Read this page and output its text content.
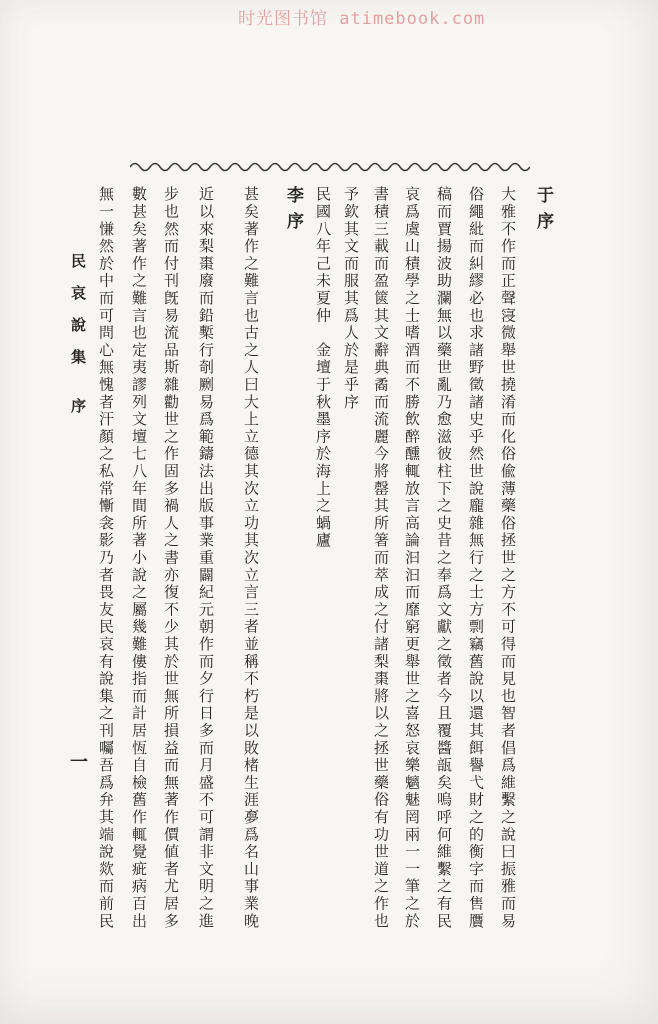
时光图书馆 atimebook.com
于序
大雅不作而正聲寖微舉世撓淆而化俗偸薄藥俗拯世之方不可得而見也智者倡爲維繫之說曰振雅而易
俗繩紕而糾繆必也求諸野徵諸史乎然世說龐雜無行之士方剽竊舊說以還其餌譽弋財之的衡字而售贋
稿而賈揚波助瀾無以藥世亂乃愈滋彼柱下之史昔之奉爲文獻之徵者今且覆醬瓿矣嗚呼何維繫之有民
哀爲虞山積學之士嗜酒而不勝飲醉醺輒放言高論汩汩而靡窮更舉世之喜怒哀樂魑魅罔兩一一筆之於
書積三載而盈篋其文辭典矞而流麗今將罄其所箸而萃成之付諸梨棗將以之拯世藥俗有功世道之作也
予欽其文而服其爲人於是乎序
民國八年己未夏仲　金壇于秋墨序於海上之蝸廬
李序
甚矣著作之難言也古之人曰大上立德其次立功其次立言三者並稱不朽是以敗楮生涯夣爲名山事業晚
近以來梨棗廢而鉛槧行剞劂易爲範鑄法出版事業重闢紀元朝作而夕行日多而月盛不可謂非文明之進
步也然而付刊旣易流品斯雜勸世之作固多禍人之書亦復不少其於世無所損益而無著作價値者尤居多
數甚矣著作之難言也定夷謬列文壇七八年間所著小說之屬幾難僂指而計居恆自檢舊作輒覺疵病百出
無一慊然於中而可問心無愧者汗顏之私常慚衾影乃者畏友民哀有說集之刊囑吾爲弁其端說欻而前民
民哀說集
序
一
